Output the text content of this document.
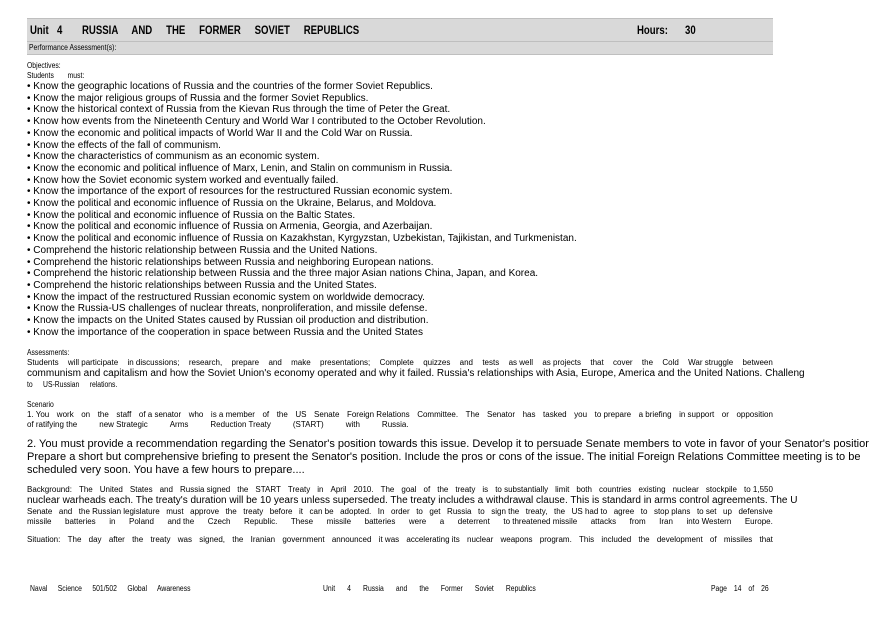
Unit 4 RUSSIA AND THE FORMER SOVIET REPUBLICS	Hours: 30
Performance Assessment(s):
Objectives:
Students must:
• Know the geographic locations of Russia and the countries of the former Soviet Republics.
• Know the major religious groups of Russia and the former Soviet Republics.
• Know the historical context of Russia from the Kievan Rus through the time of Peter the Great.
• Know how events from the Nineteenth Century and World War I contributed to the October Revolution.
• Know the economic and political impacts of World War II and the Cold War on Russia.
• Know the effects of the fall of communism.
• Know the characteristics of communism as an economic system.
• Know the economic and political influence of Marx, Lenin, and Stalin on communism in Russia.
• Know how the Soviet economic system worked and eventually failed.
• Know the importance of the export of resources for the restructured Russian economic system.
• Know the political and economic influence of Russia on the Ukraine, Belarus, and Moldova.
• Know the political and economic influence of Russia on the Baltic States.
• Know the political and economic influence of Russia on Armenia, Georgia, and Azerbaijan.
• Know the political and economic influence of Russia on Kazakhstan, Kyrgyzstan, Uzbekistan, Tajikistan, and Turkmenistan.
• Comprehend the historic relationship between Russia and the United Nations.
• Comprehend the historic relationships between Russia and neighboring European nations.
• Comprehend the historic relationship between Russia and the three major Asian nations China, Japan, and Korea.
• Comprehend the historic relationships between Russia and the United States.
• Know the impact of the restructured Russian economic system on worldwide democracy.
• Know the Russia-US challenges of nuclear threats, nonproliferation, and missile defense.
• Know the impacts on the United States caused by Russian oil production and distribution.
• Know the importance of the cooperation in space between Russia and the United States
Assessments:
Students will participate in discussions; research, prepare and make presentations; Complete quizzes and tests as well as projects that cover the Cold War struggle between
communism and capitalism and how the Soviet Union's economy operated and why it failed. Russia's relationships with Asia, Europe, America and the United Nations. Challeng
to US-Russian relations.
Scenario
1. You work on the staff of a senator who is a member of the US Senate Foreign Relations Committee. The Senator has tasked you to prepare a briefing in support or opposition
of ratifying the	new Strategic	Arms	Reduction Treaty	(START)	with	Russia.
2. You must provide a recommendation regarding the Senator's position towards this issue. Develop it to persuade Senate members to vote in favor of your Senator's positior
Prepare a short but comprehensive briefing to present the Senator's position. Include the pros or cons of the issue. The initial Foreign Relations Committee meeting is to be
scheduled very soon. You have a few hours to prepare....
Background: The United States and Russia signed the START Treaty in April 2010. The goal of the treaty is to substantially limit both countries existing nuclear stockpile to 1,550
nuclear warheads each. The treaty's duration will be 10 years unless superseded. The treaty includes a withdrawal clause. This is standard in arms control agreements. The U
Senate and the Russian legislature must approve the treaty before it can be adopted. In order to get Russia to sign the treaty, the US had to agree to stop plans to set up defensive
missile batteries in Poland and the Czech Republic. These missile batteries were a deterrent to threatened missile attacks from Iran into Western Europe.
Situation: The day after the treaty was signed, the Iranian government announced it was accelerating its nuclear weapons program. This included the development of missiles that
Naval Science 501/502 Global Awareness	Unit 4 Russia and the Former Soviet Republics	Page 14 of 26
